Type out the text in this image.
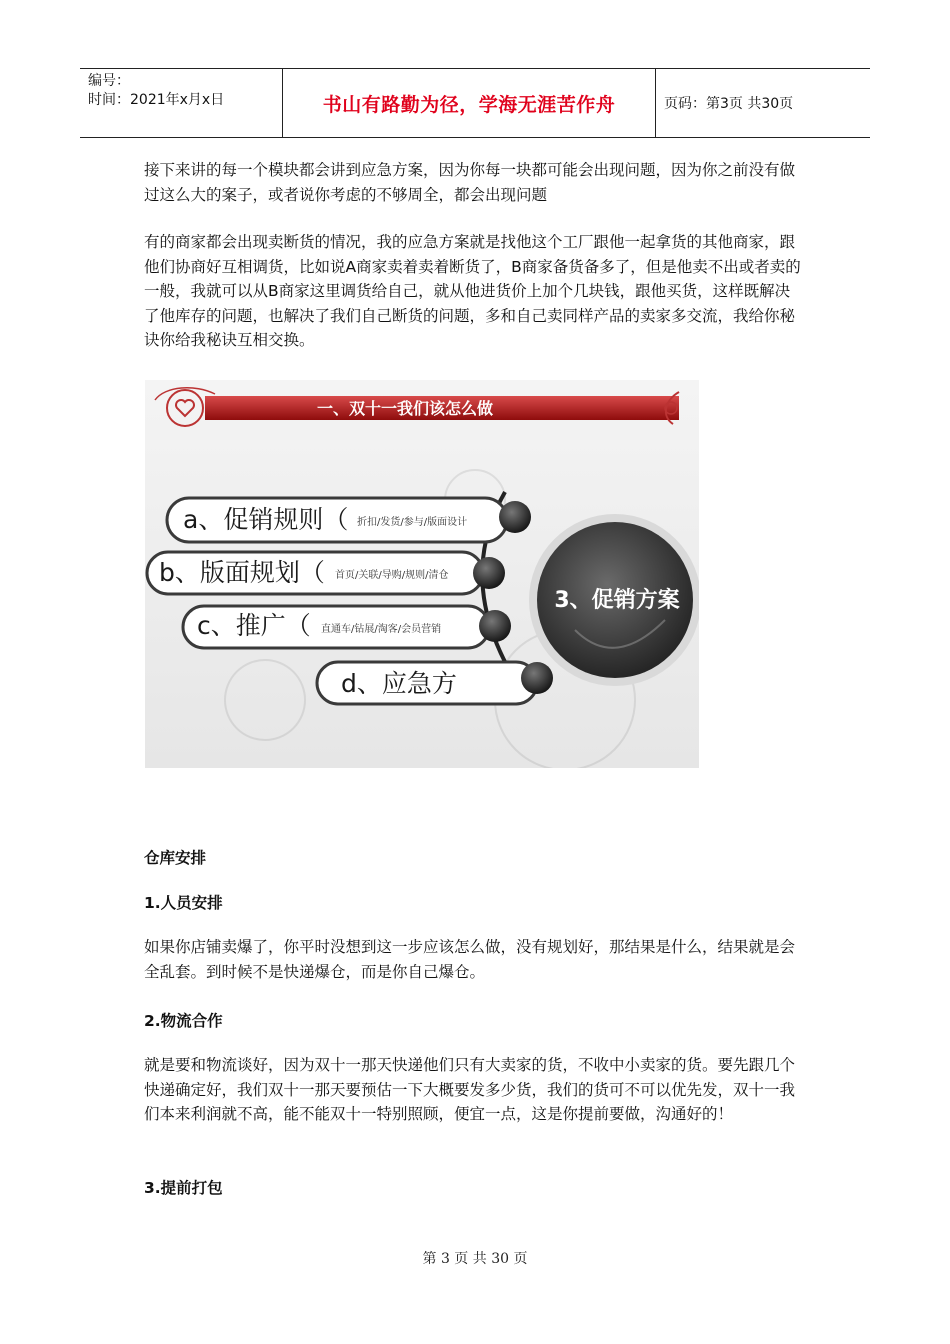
编号：
时间：2021年x月x日	书山有路勤为径，学海无涯苦作舟	页码：第3页 共30页

接下来讲的每一个模块都会讲到应急方案，因为你每一块都可能会出现问题，因为你之前没有做过这么大的案子，或者说你考虑的不够周全，都会出现问题

有的商家都会出现卖断货的情况，我的应急方案就是找他这个工厂跟他一起拿货的其他商家，跟他们协商好互相调货，比如说A商家卖着卖着断货了，B商家备货备多了，但是他卖不出或者卖的一般，我就可以从B商家这里调货给自己，就从他进货价上加个几块钱，跟他买货，这样既解决了他库存的问题，也解决了我们自己断货的问题，多和自己卖同样产品的卖家多交流，我给你秘诀你给我秘诀互相交换。

一、双十一我们该怎么做
a、促销规则（ 折扣/发货/参与/版面设计
b、版面规划（ 首页/关联/导购/规则/清仓
c、推广（ 直通车/钻展/淘客/会员营销
d、应急方
3、促销方案

仓库安排

1.人员安排

如果你店铺卖爆了，你平时没想到这一步应该怎么做，没有规划好，那结果是什么，结果就是会全乱套。到时候不是快递爆仓，而是你自己爆仓。

2.物流合作

就是要和物流谈好，因为双十一那天快递他们只有大卖家的货，不收中小卖家的货。要先跟几个快递确定好，我们双十一那天要预估一下大概要发多少货，我们的货可不可以优先发，双十一我们本来利润就不高，能不能双十一特别照顾，便宜一点，这是你提前要做，沟通好的！

3.提前打包

第 3 页 共 30 页
